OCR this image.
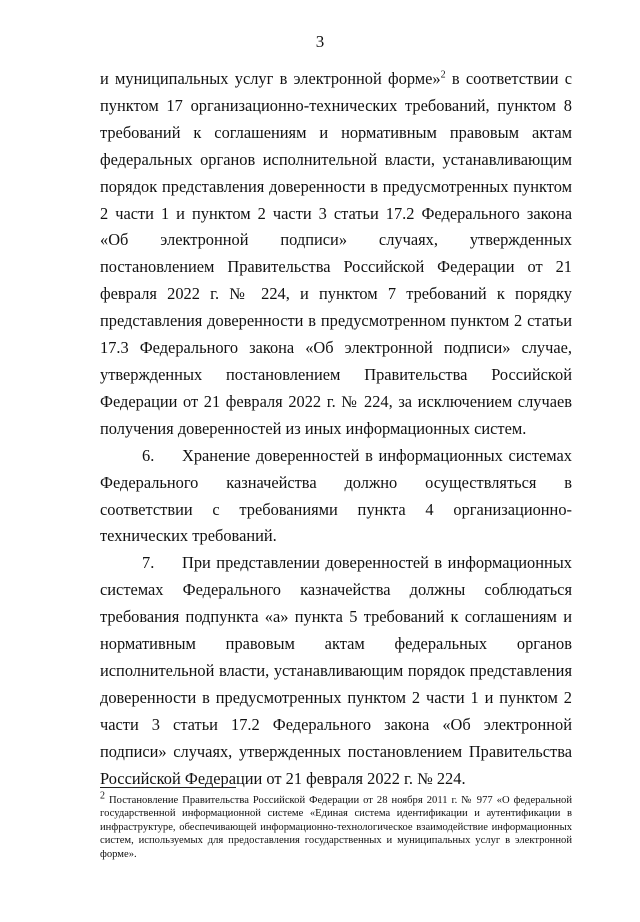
3

и муниципальных услуг в электронной форме»$^2$ в соответствии с пунктом 17 организационно-технических требований, пунктом 8 требований к соглашениям и нормативным правовым актам федеральных органов исполнительной власти, устанавливающим порядок представления доверенности в предусмотренных пунктом 2 части 1 и пунктом 2 части 3 статьи 17.2 Федерального закона «Об электронной подписи» случаях, утвержденных постановлением Правительства Российской Федерации от 21 февраля 2022 г. № 224, и пунктом 7 требований к порядку представления доверенности в предусмотренном пунктом 2 статьи 17.3 Федерального закона «Об электронной подписи» случае, утвержденных постановлением Правительства Российской Федерации от 21 февраля 2022 г. № 224, за исключением случаев получения доверенностей из иных информационных систем.

6. Хранение доверенностей в информационных системах Федерального казначейства должно осуществляться в соответствии с требованиями пункта 4 организационно-технических требований.

7. При представлении доверенностей в информационных системах Федерального казначейства должны соблюдаться требования подпункта «а» пункта 5 требований к соглашениям и нормативным правовым актам федеральных органов исполнительной власти, устанавливающим порядок представления доверенности в предусмотренных пунктом 2 части 1 и пунктом 2 части 3 статьи 17.2 Федерального закона «Об электронной подписи» случаях, утвержденных постановлением Правительства Российской Федерации от 21 февраля 2022 г. № 224.

2 Постановление Правительства Российской Федерации от 28 ноября 2011 г. № 977 «О федеральной государственной информационной системе «Единая система идентификации и аутентификации в инфраструктуре, обеспечивающей информационно-технологическое взаимодействие информационных систем, используемых для предоставления государственных и муниципальных услуг в электронной форме».
